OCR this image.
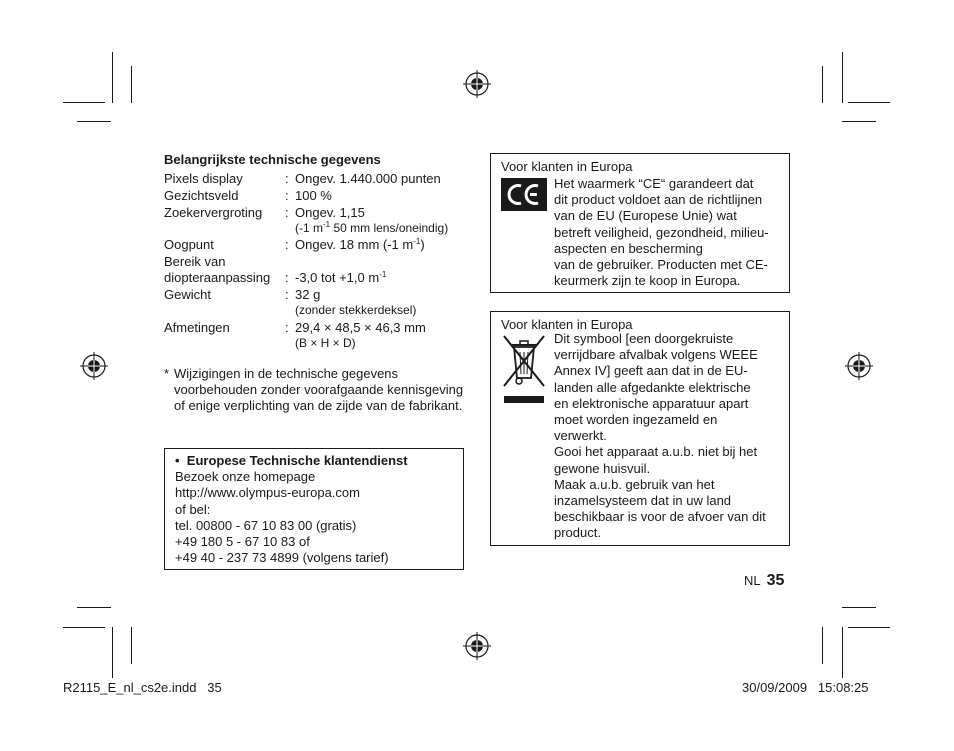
Belangrijkste technische gegevens
Pixels display	: Ongev. 1.440.000 punten
Gezichtsveld	: 100 %
Zoekervergroting : Ongev. 1,15
(-1 $m^{-1}$ 50 mm lens/oneindig)
Oogpunt	: Ongev. 18 mm (-1 $m^{-1}$)
Bereik van
diopteraanpassing : -3,0 tot +1,0 $m^{-1}$
Gewicht	: 32 g
(zonder stekkerdeksel)
Afmetingen	: 29,4 × 48,5 × 46,3 mm
(B × H × D)
* Wijzigingen in de technische gegevens voorbehouden zonder voorafgaande kennisgeving of enige verplichting van de zijde van de fabrikant.
• Europese Technische klantendienst
Bezoek onze homepage
http://www.olympus-europa.com
of bel:
tel. 00800 - 67 10 83 00 (gratis)
+49 180 5 - 67 10 83 of
+49 40 - 237 73 4899 (volgens tarief)
Voor klanten in Europa
Het waarmerk “CE“ garandeert dat
dit product voldoet aan de richtlijnen
van de EU (Europese Unie) wat
betreft veiligheid, gezondheid, milieu-
aspecten en bescherming
van de gebruiker. Producten met CE-
keurmerk zijn te koop in Europa.
Voor klanten in Europa
Dit symbool [een doorgekruiste
verrijdbare afvalbak volgens WEEE
Annex IV] geeft aan dat in de EU-
landen alle afgedankte elektrische
en elektronische apparatuur apart
moet worden ingezameld en
verwerkt.
Gooi het apparaat a.u.b. niet bij het
gewone huisvuil.
Maak a.u.b. gebruik van het
inzamelsysteem dat in uw land
beschikbaar is voor de afvoer van dit
product.
NL 35
R2115_E_nl_cs2e.indd   35	30/09/2009   15:08:25
